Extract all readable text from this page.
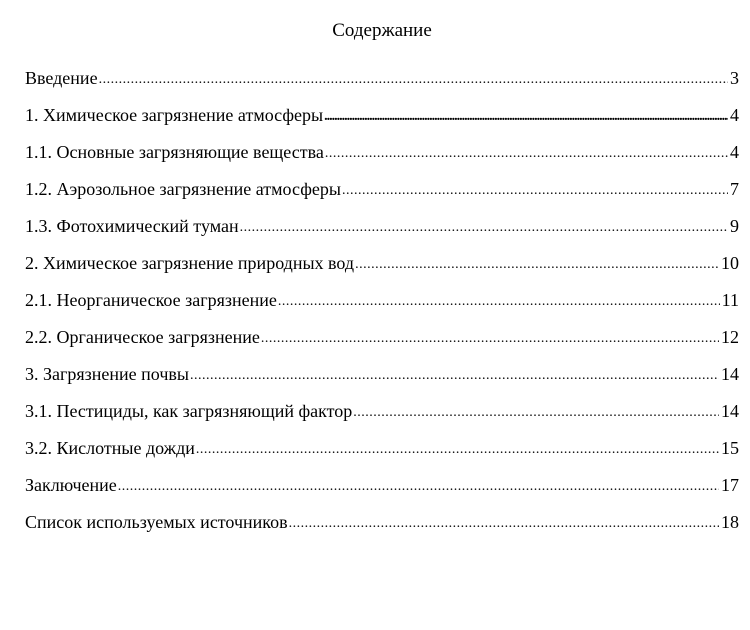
Содержание
Введение .....	3
1. Химическое загрязнение атмосферы .....	4
1.1. Основные загрязняющие вещества .....	4
1.2. Аэрозольное загрязнение атмосферы .....	7
1.3. Фотохимический туман .....	9
2. Химическое загрязнение природных вод .....	10
2.1. Неорганическое загрязнение .....	11
2.2. Органическое загрязнение .....	12
3. Загрязнение почвы .....	14
3.1. Пестициды, как загрязняющий фактор .....	14
3.2. Кислотные дожди .....	15
Заключение .....	17
Список используемых источников .....	18
